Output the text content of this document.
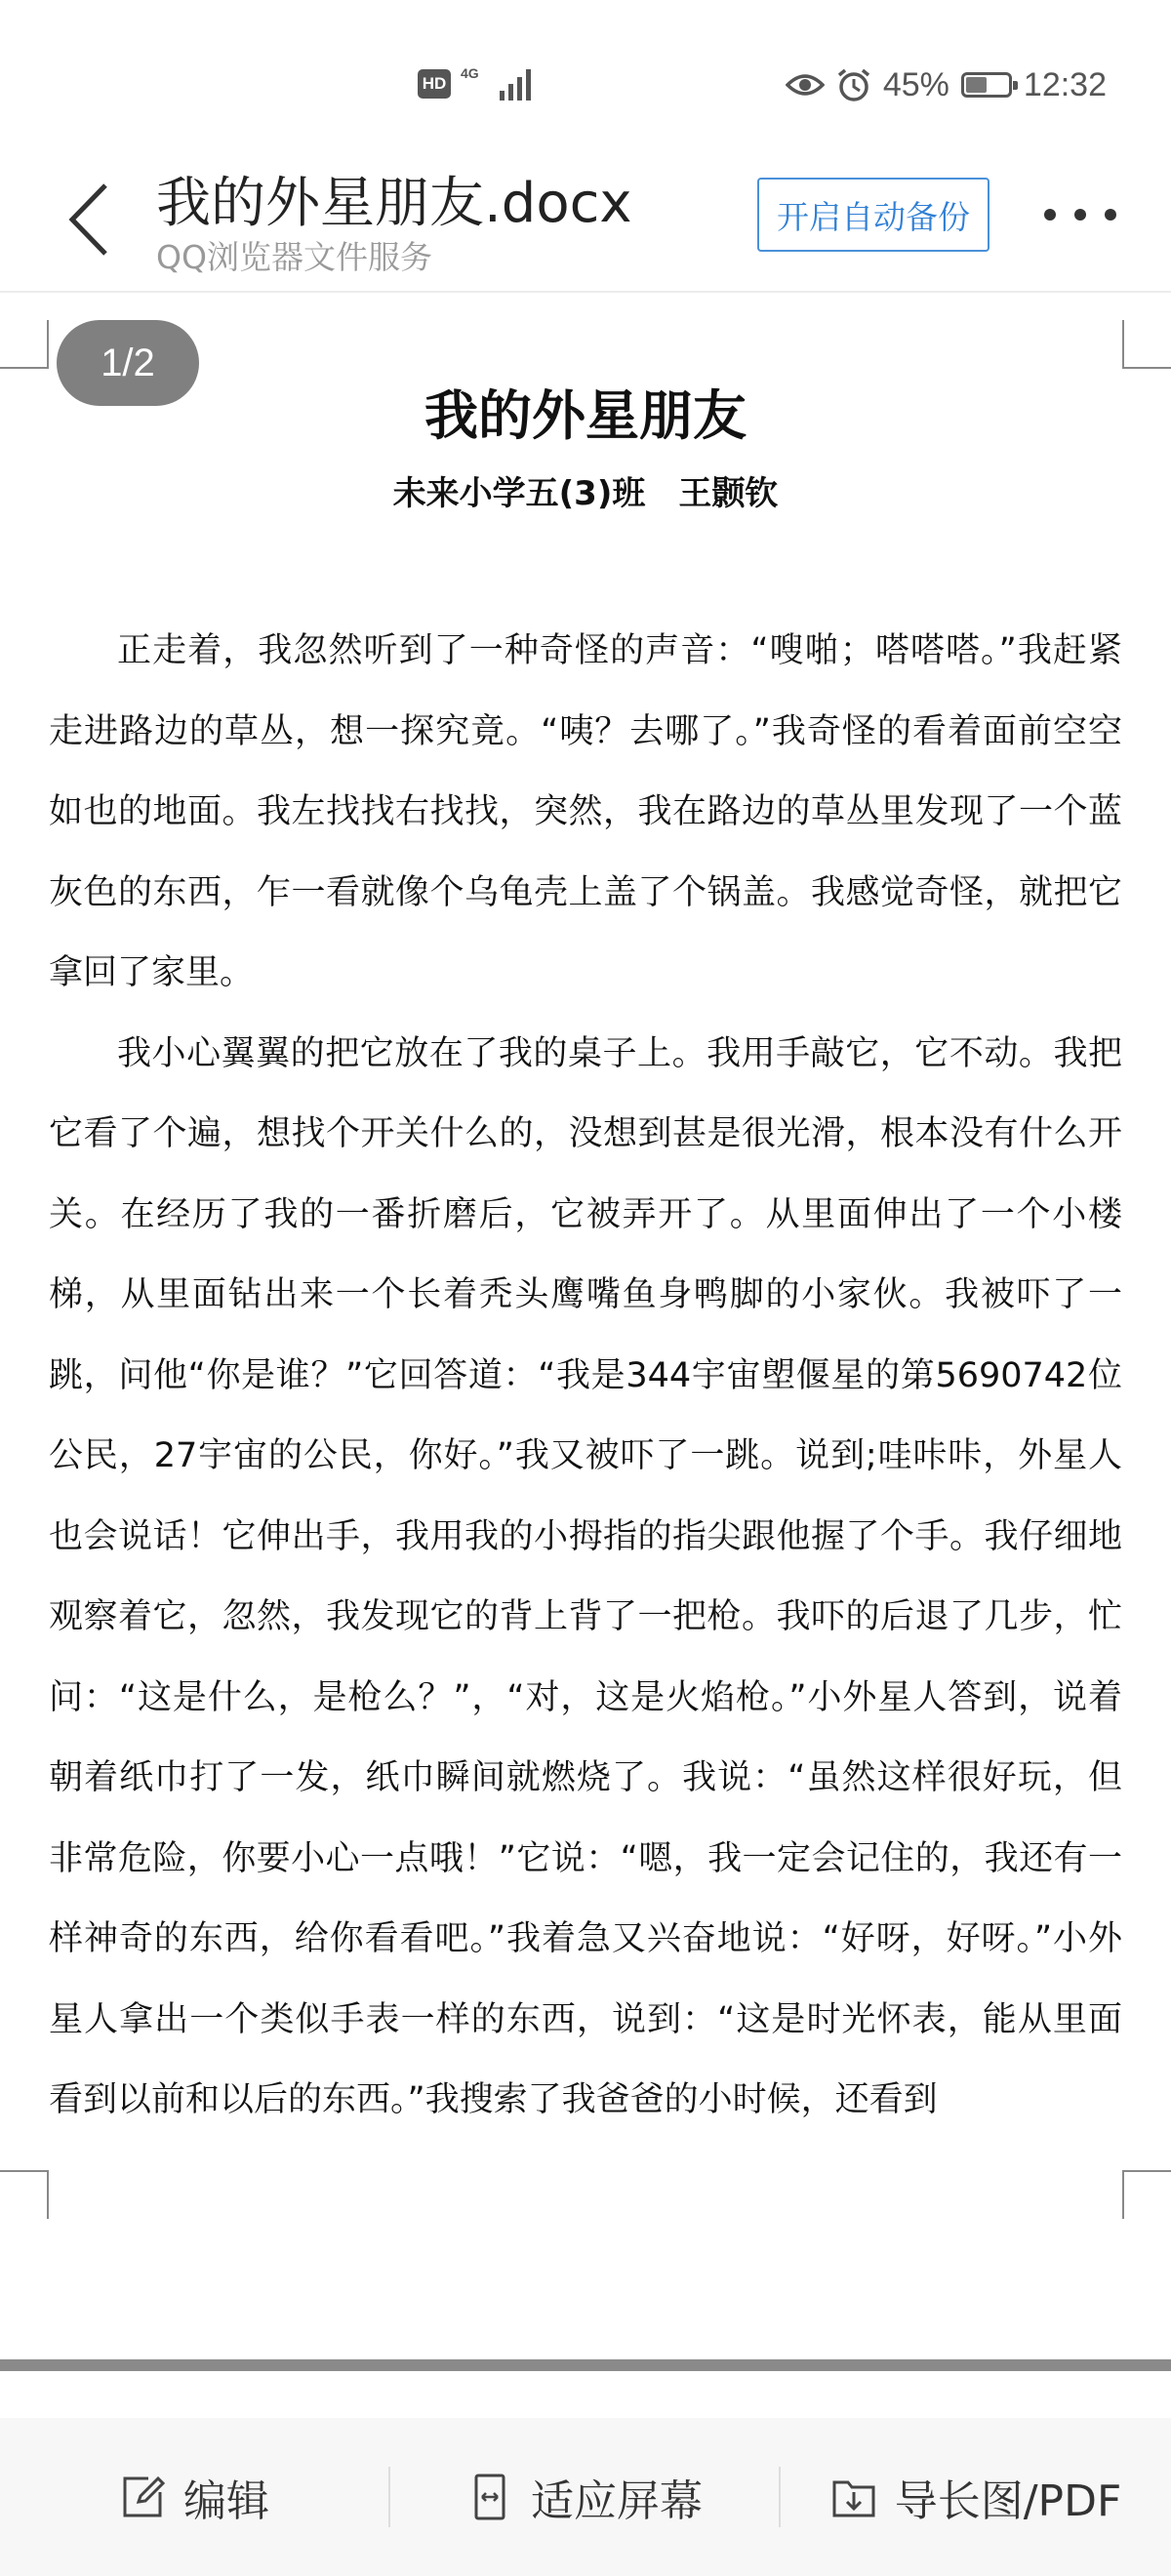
HD
4G	45% 12:32
我的外星朋友.docx
QQ浏览器文件服务
开启自动备份
1/2
我的外星朋友
未来小学五(3)班　王颢钦

正走着，我忽然听到了一种奇怪的声音：“嗖啪；嗒嗒嗒。”我赶紧走进路边的草丛，想一探究竟。“咦？去哪了。”我奇怪的看着面前空空如也的地面。我左找找右找找，突然，我在路边的草丛里发现了一个蓝灰色的东西，乍一看就像个乌龟壳上盖了个锅盖。我感觉奇怪，就把它拿回了家里。

我小心翼翼的把它放在了我的桌子上。我用手敲它，它不动。我把它看了个遍，想找个开关什么的，没想到甚是很光滑，根本没有什么开关。在经历了我的一番折磨后，它被弄开了。从里面伸出了一个小楼梯，从里面钻出来一个长着秃头鹰嘴鱼身鸭脚的小家伙。我被吓了一跳，问他“你是谁？”它回答道：“我是344宇宙塱偃星的第5690742位公民，27宇宙的公民，你好。”我又被吓了一跳。说到;哇咔咔，外星人也会说话！它伸出手，我用我的小拇指的指尖跟他握了个手。我仔细地观察着它，忽然，我发现它的背上背了一把枪。我吓的后退了几步，忙问：“这是什么，是枪么？”，“对，这是火焰枪。”小外星人答到，说着朝着纸巾打了一发，纸巾瞬间就燃烧了。我说：“虽然这样很好玩，但非常危险，你要小心一点哦！”它说：“嗯，我一定会记住的，我还有一样神奇的东西，给你看看吧。”我着急又兴奋地说：“好呀，好呀。”小外星人拿出一个类似手表一样的东西，说到：“这是时光怀表，能从里面看到以前和以后的东西。”我搜索了我爸爸的小时候，还看到

编辑	适应屏幕	导长图/PDF
